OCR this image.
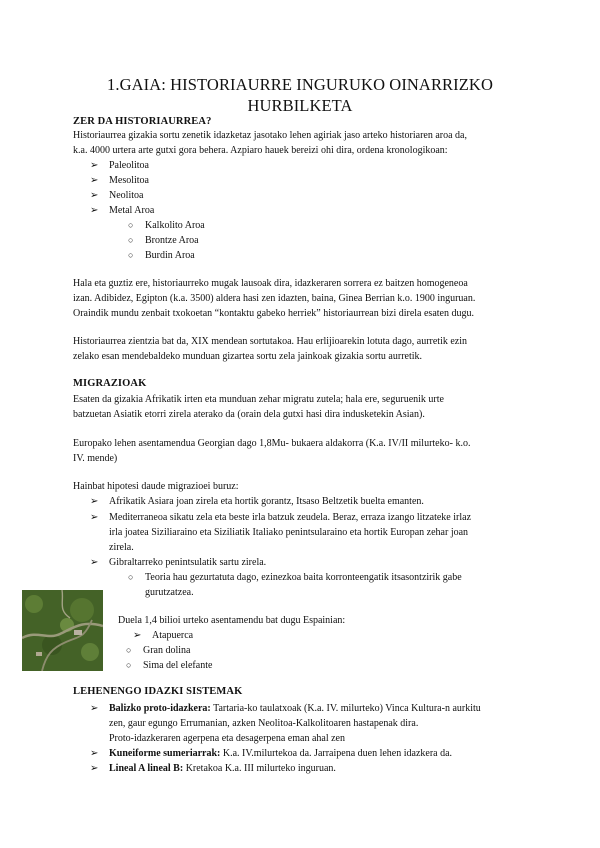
1.GAIA: HISTORIAURRE INGURUKO OINARRIZKO
HURBILKETA
ZER DA HISTORIAURREA?
Historiaurrea gizakia sortu zenetik idazketaz jasotako lehen agiriak jaso arteko historiaren aroa da,
k.a. 4000 urtera arte gutxi gora behera. Azpiaro hauek bereizi ohi dira, ordena kronologikoan:
➢ Paleolitoa
➢ Mesolitoa
➢ Neolitoa
➢ Metal Aroa
○ Kalkolito Aroa
○ Brontze Aroa
○ Burdin Aroa
Hala eta guztiz ere, historiaurreko mugak lausoak dira, idazkeraren sorrera ez baitzen homogeneoa
izan. Adibidez, Egipton (k.a. 3500) aldera hasi zen idazten, baina, Ginea Berrian k.o. 1900 inguruan.
Oraindik mundu zenbait txokoetan “kontaktu gabeko herriek” historiaurrean bizi direla esaten dugu.
Historiaurrea zientzia bat da, XIX mendean sortutakoa. Hau erlijioarekin lotuta dago, aurretik ezin
zelako esan mendebaldeko munduan gizartea sortu zela jainkoak gizakia sortu aurretik.
MIGRAZIOAK
Esaten da gizakia Afrikatik irten eta munduan zehar migratu zutela; hala ere, seguruenik urte
batzuetan Asiatik etorri zirela aterako da (orain dela gutxi hasi dira indusketekin Asian).
Europako lehen asentamendua Georgian dago 1,8Mu- bukaera aldakorra (K.a. IV/II milurteko- k.o.
IV. mende)
Hainbat hipotesi daude migrazioei buruz:
➢ Afrikatik Asiara joan zirela eta hortik gorantz, Itsaso Beltzetik buelta emanten.
➢ Mediterraneoa sikatu zela eta beste irla batzuk zeudela. Beraz, erraza izango litzateke irlaz
irla joatea Siziliaraino eta Siziliatik Italiako penintsularaino eta hortik Europan zehar joan
zirela.
➢ Gibraltarreko penintsulatik sartu zirela.
○ Teoria hau gezurtatuta dago, ezinezkoa baita korronteengatik itsasontzirik gabe
gurutzatzea.
Duela 1,4 bilioi urteko asentamendu bat dugu Espainian:
➢ Atapuerca
○ Gran dolina
○ Sima del elefante
LEHENENGO IDAZKI SISTEMAK
➢ Balizko proto-idazkera: Tartaria-ko taulatxoak (K.a. IV. milurteko) Vinca Kultura-n aurkitu
zen, gaur egungo Errumanian, azken Neolitoa-Kalkolitoaren hastapenak dira.
Proto-idazkeraren agerpena eta desagerpena eman ahal zen
➢ Kuneiforme sumeriarrak: K.a. IV.milurtekoa da. Jarraipena duen lehen idazkera da.
➢ Lineal A lineal B: Kretakoa K.a. III milurteko inguruan.
